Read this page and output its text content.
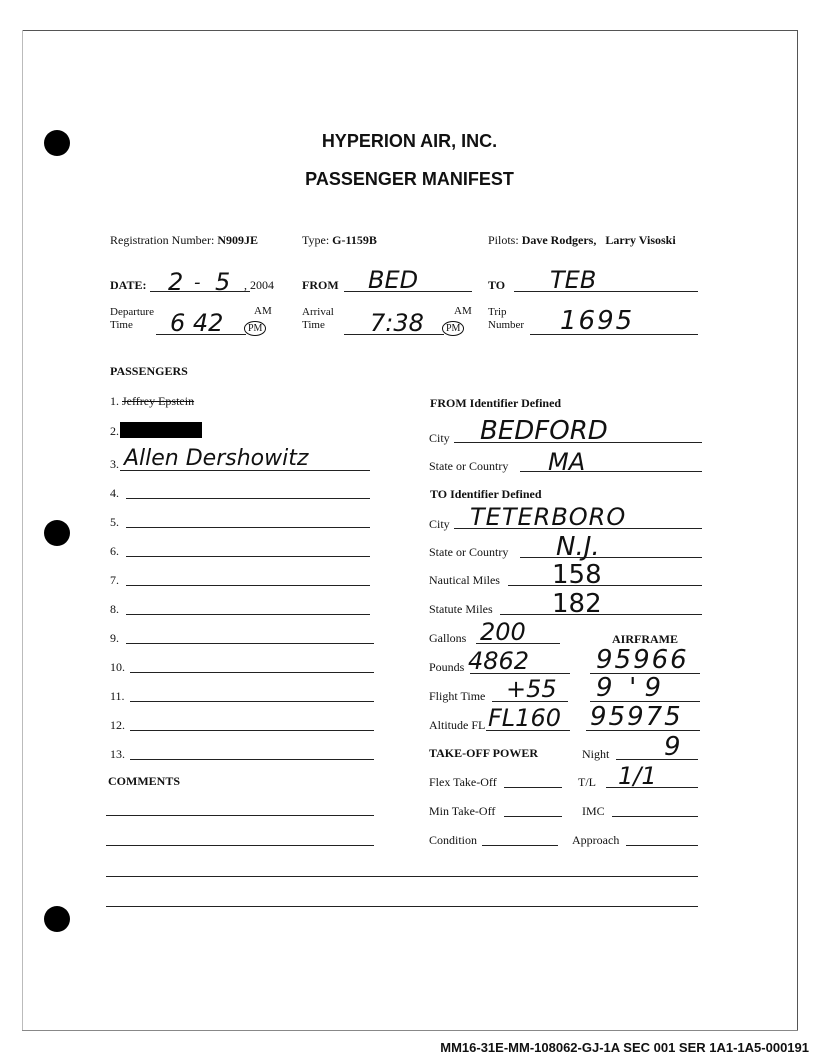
HYPERION AIR, INC.
PASSENGER MANIFEST
Registration Number: N909JE	Type: G-1159B	Pilots: Dave Rodgers,   Larry Visoski
DATE: 2 - 5 , 2004 FROM BED	TO TEB
Departure
Time	6 42	AM
PM
Arrival
Time	7:38	AM
PM
Trip
Number 1695
PASSENGERS
1. Jeffrey Epstein
2.
3. Allen Dershowitz
4.
5.
6.
7.
8.
9.
10.
11.
12.
13.
COMMENTS
FROM Identifier Defined
City BEDFORD
State or Country MA
TO Identifier Defined
City TETERBORO
State or Country N.J.
Nautical Miles 158
Statute Miles 182
Gallons 200	AIRFRAME
Pounds 4862	95966
Flight Time +55 9  ' 9
Altitude FL FL160 95975
TAKE-OFF POWER	Night 9
Flex Take-Off	T/L 1/1
Min Take-Off	IMC
Condition	Approach
MM16-31E-MM-108062-GJ-1A SEC 001 SER 1A1-1A5-000191
